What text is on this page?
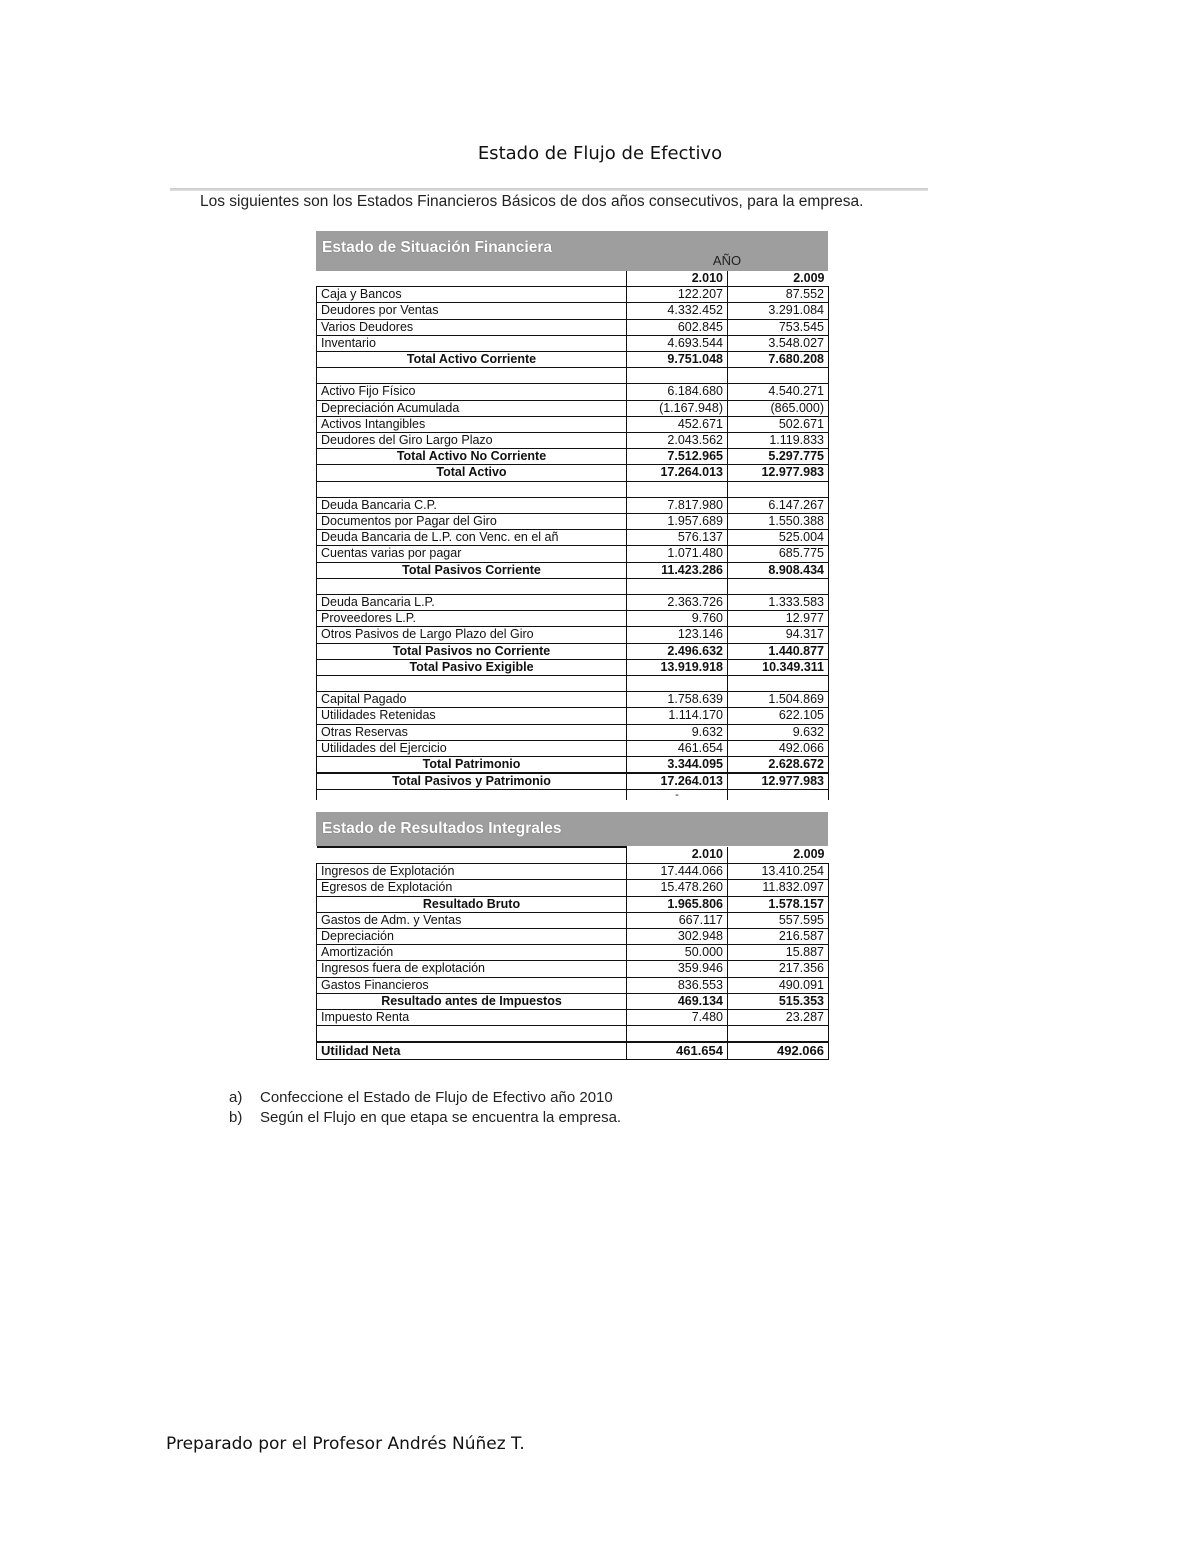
Estado de Flujo de Efectivo
Los siguientes son los Estados Financieros Básicos de dos años consecutivos, para la empresa.
Estado de Situación Financiera
AÑO
	2.010	2.009
Caja y Bancos	122.207	87.552
Deudores por Ventas	4.332.452	3.291.084
Varios Deudores	602.845	753.545
Inventario	4.693.544	3.548.027
Total Activo Corriente	9.751.048	7.680.208

Activo Fijo Físico	6.184.680	4.540.271
Depreciación Acumulada	(1.167.948)	(865.000)
Activos Intangibles	452.671	502.671
Deudores del Giro Largo Plazo	2.043.562	1.119.833
Total Activo No Corriente	7.512.965	5.297.775
Total Activo	17.264.013	12.977.983

Deuda Bancaria C.P.	7.817.980	6.147.267
Documentos por Pagar del Giro	1.957.689	1.550.388
Deuda Bancaria de L.P. con Venc. en el añ	576.137	525.004
Cuentas varias por pagar	1.071.480	685.775
Total Pasivos Corriente	11.423.286	8.908.434

Deuda Bancaria L.P.	2.363.726	1.333.583
Proveedores L.P.	9.760	12.977
Otros Pasivos de Largo Plazo del Giro	123.146	94.317
Total Pasivos no Corriente	2.496.632	1.440.877
Total Pasivo Exigible	13.919.918	10.349.311

Capital Pagado	1.758.639	1.504.869
Utilidades Retenidas	1.114.170	622.105
Otras Reservas	9.632	9.632
Utilidades del Ejercicio	461.654	492.066
Total Patrimonio	3.344.095	2.628.672
Total Pasivos y Patrimonio	17.264.013	12.977.983
	-	
Estado de Resultados Integrales
	2.010	2.009
Ingresos de Explotación	17.444.066	13.410.254
Egresos de Explotación	15.478.260	11.832.097
Resultado Bruto	1.965.806	1.578.157
Gastos de Adm. y Ventas	667.117	557.595
Depreciación	302.948	216.587
Amortización	50.000	15.887
Ingresos fuera de explotación	359.946	217.356
Gastos Financieros	836.553	490.091
Resultado antes de Impuestos	469.134	515.353
Impuesto Renta	7.480	23.287

Utilidad Neta	461.654	492.066
a) Confeccione el Estado de Flujo de Efectivo año 2010
b) Según el Flujo en que etapa se encuentra la empresa.
Preparado por el Profesor Andrés Núñez T.
